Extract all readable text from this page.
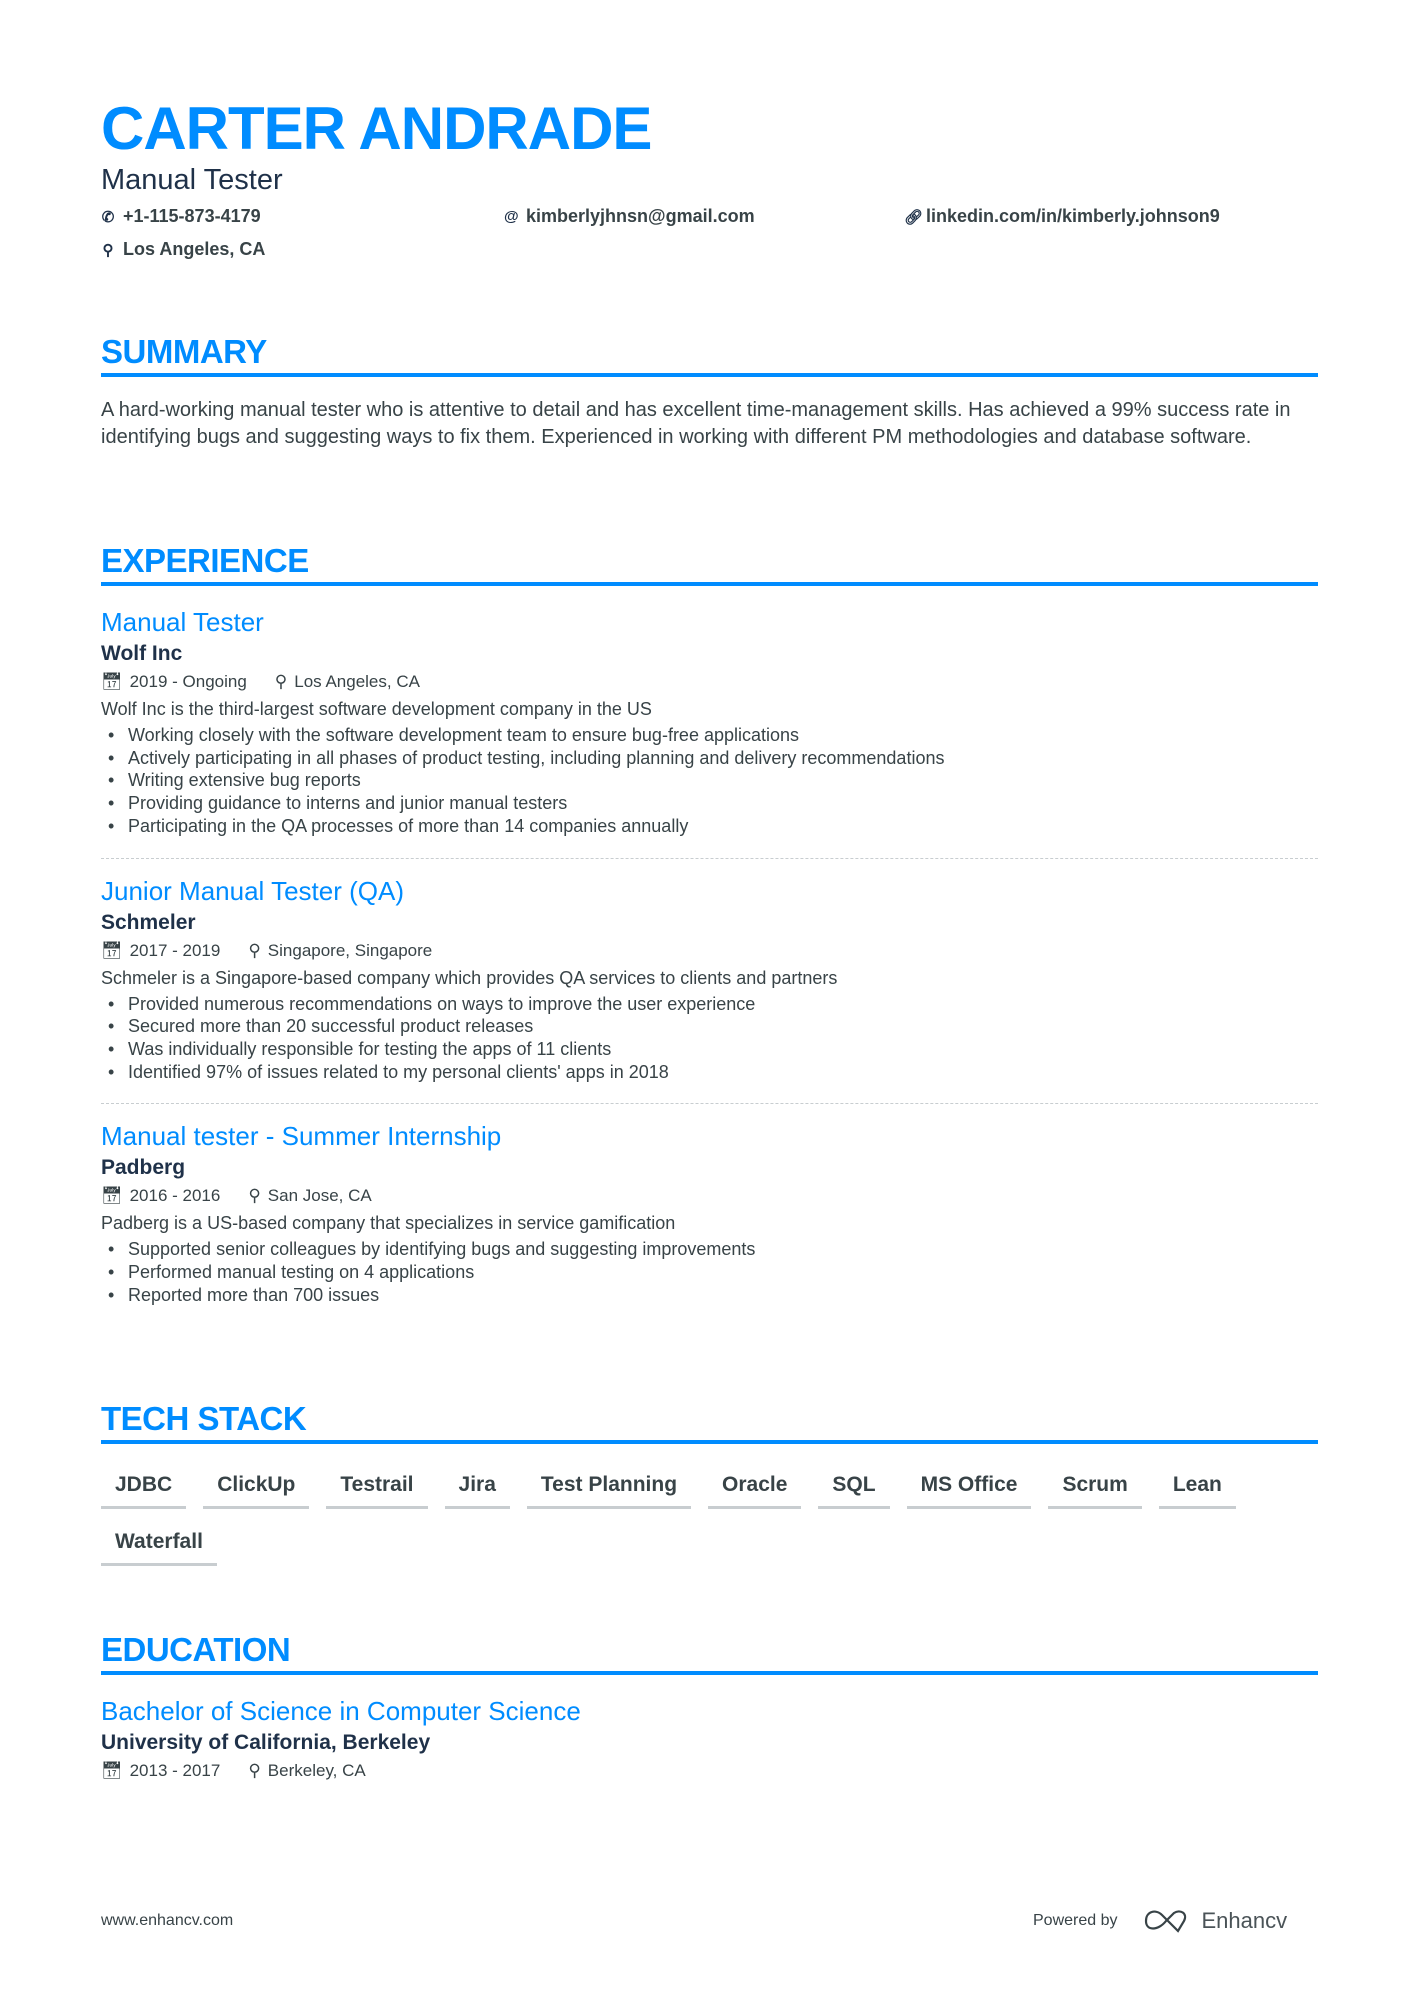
CARTER ANDRADE
Manual Tester
✆ +1-115-873-4179	@ kimberlyjhnsn@gmail.com	🔗︎ linkedin.com/in/kimberly.johnson9
⚲ Los Angeles, CA
SUMMARY
A hard-working manual tester who is attentive to detail and has excellent time-management skills. Has achieved a 99% success rate in identifying bugs and suggesting ways to fix them. Experienced in working with different PM methodologies and database software.
EXPERIENCE
Manual Tester
Wolf Inc
📅︎ 2019 - Ongoing ⚲ Los Angeles, CA
Wolf Inc is the third-largest software development company in the US
• Working closely with the software development team to ensure bug-free applications
• Actively participating in all phases of product testing, including planning and delivery recommendations
• Writing extensive bug reports
• Providing guidance to interns and junior manual testers
• Participating in the QA processes of more than 14 companies annually
Junior Manual Tester (QA)
Schmeler
📅︎ 2017 - 2019 ⚲ Singapore, Singapore
Schmeler is a Singapore-based company which provides QA services to clients and partners
• Provided numerous recommendations on ways to improve the user experience
• Secured more than 20 successful product releases
• Was individually responsible for testing the apps of 11 clients
• Identified 97% of issues related to my personal clients' apps in 2018
Manual tester - Summer Internship
Padberg
📅︎ 2016 - 2016 ⚲ San Jose, CA
Padberg is a US-based company that specializes in service gamification
• Supported senior colleagues by identifying bugs and suggesting improvements
• Performed manual testing on 4 applications
• Reported more than 700 issues
TECH STACK
JDBC	ClickUp	Testrail	Jira	Test Planning	Oracle	SQL	MS Office	Scrum	Lean
Waterfall
EDUCATION
Bachelor of Science in Computer Science
University of California, Berkeley
📅︎ 2013 - 2017 ⚲ Berkeley, CA
www.enhancv.com	Powered by	Enhancv
